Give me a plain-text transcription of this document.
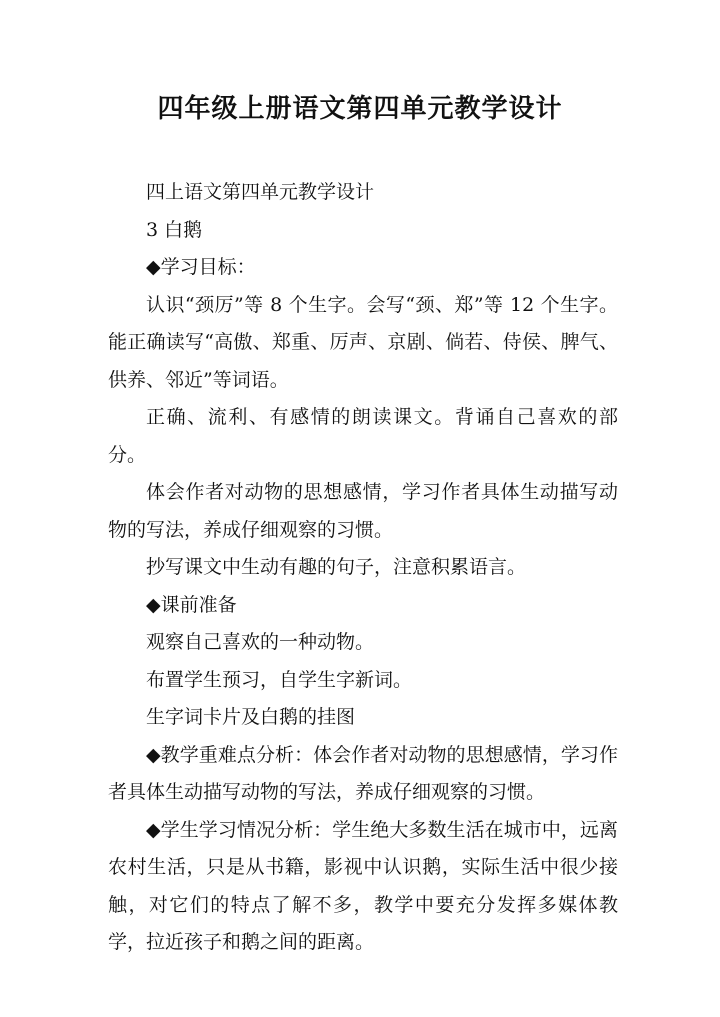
四年级上册语文第四单元教学设计

四上语文第四单元教学设计

3 白鹅

◆学习目标：

认识“颈厉”等 8 个生字。会写“颈、郑”等 12 个生字。能正确读写“高傲、郑重、厉声、京剧、倘若、侍侯、脾气、供养、邻近”等词语。

正确、流利、有感情的朗读课文。背诵自己喜欢的部分。

体会作者对动物的思想感情，学习作者具体生动描写动物的写法，养成仔细观察的习惯。

抄写课文中生动有趣的句子，注意积累语言。

◆课前准备

观察自己喜欢的一种动物。

布置学生预习，自学生字新词。

生字词卡片及白鹅的挂图

◆教学重难点分析：体会作者对动物的思想感情，学习作者具体生动描写动物的写法，养成仔细观察的习惯。

◆学生学习情况分析：学生绝大多数生活在城市中，远离农村生活，只是从书籍，影视中认识鹅，实际生活中很少接触，对它们的特点了解不多，教学中要充分发挥多媒体教学，拉近孩子和鹅之间的距离。
